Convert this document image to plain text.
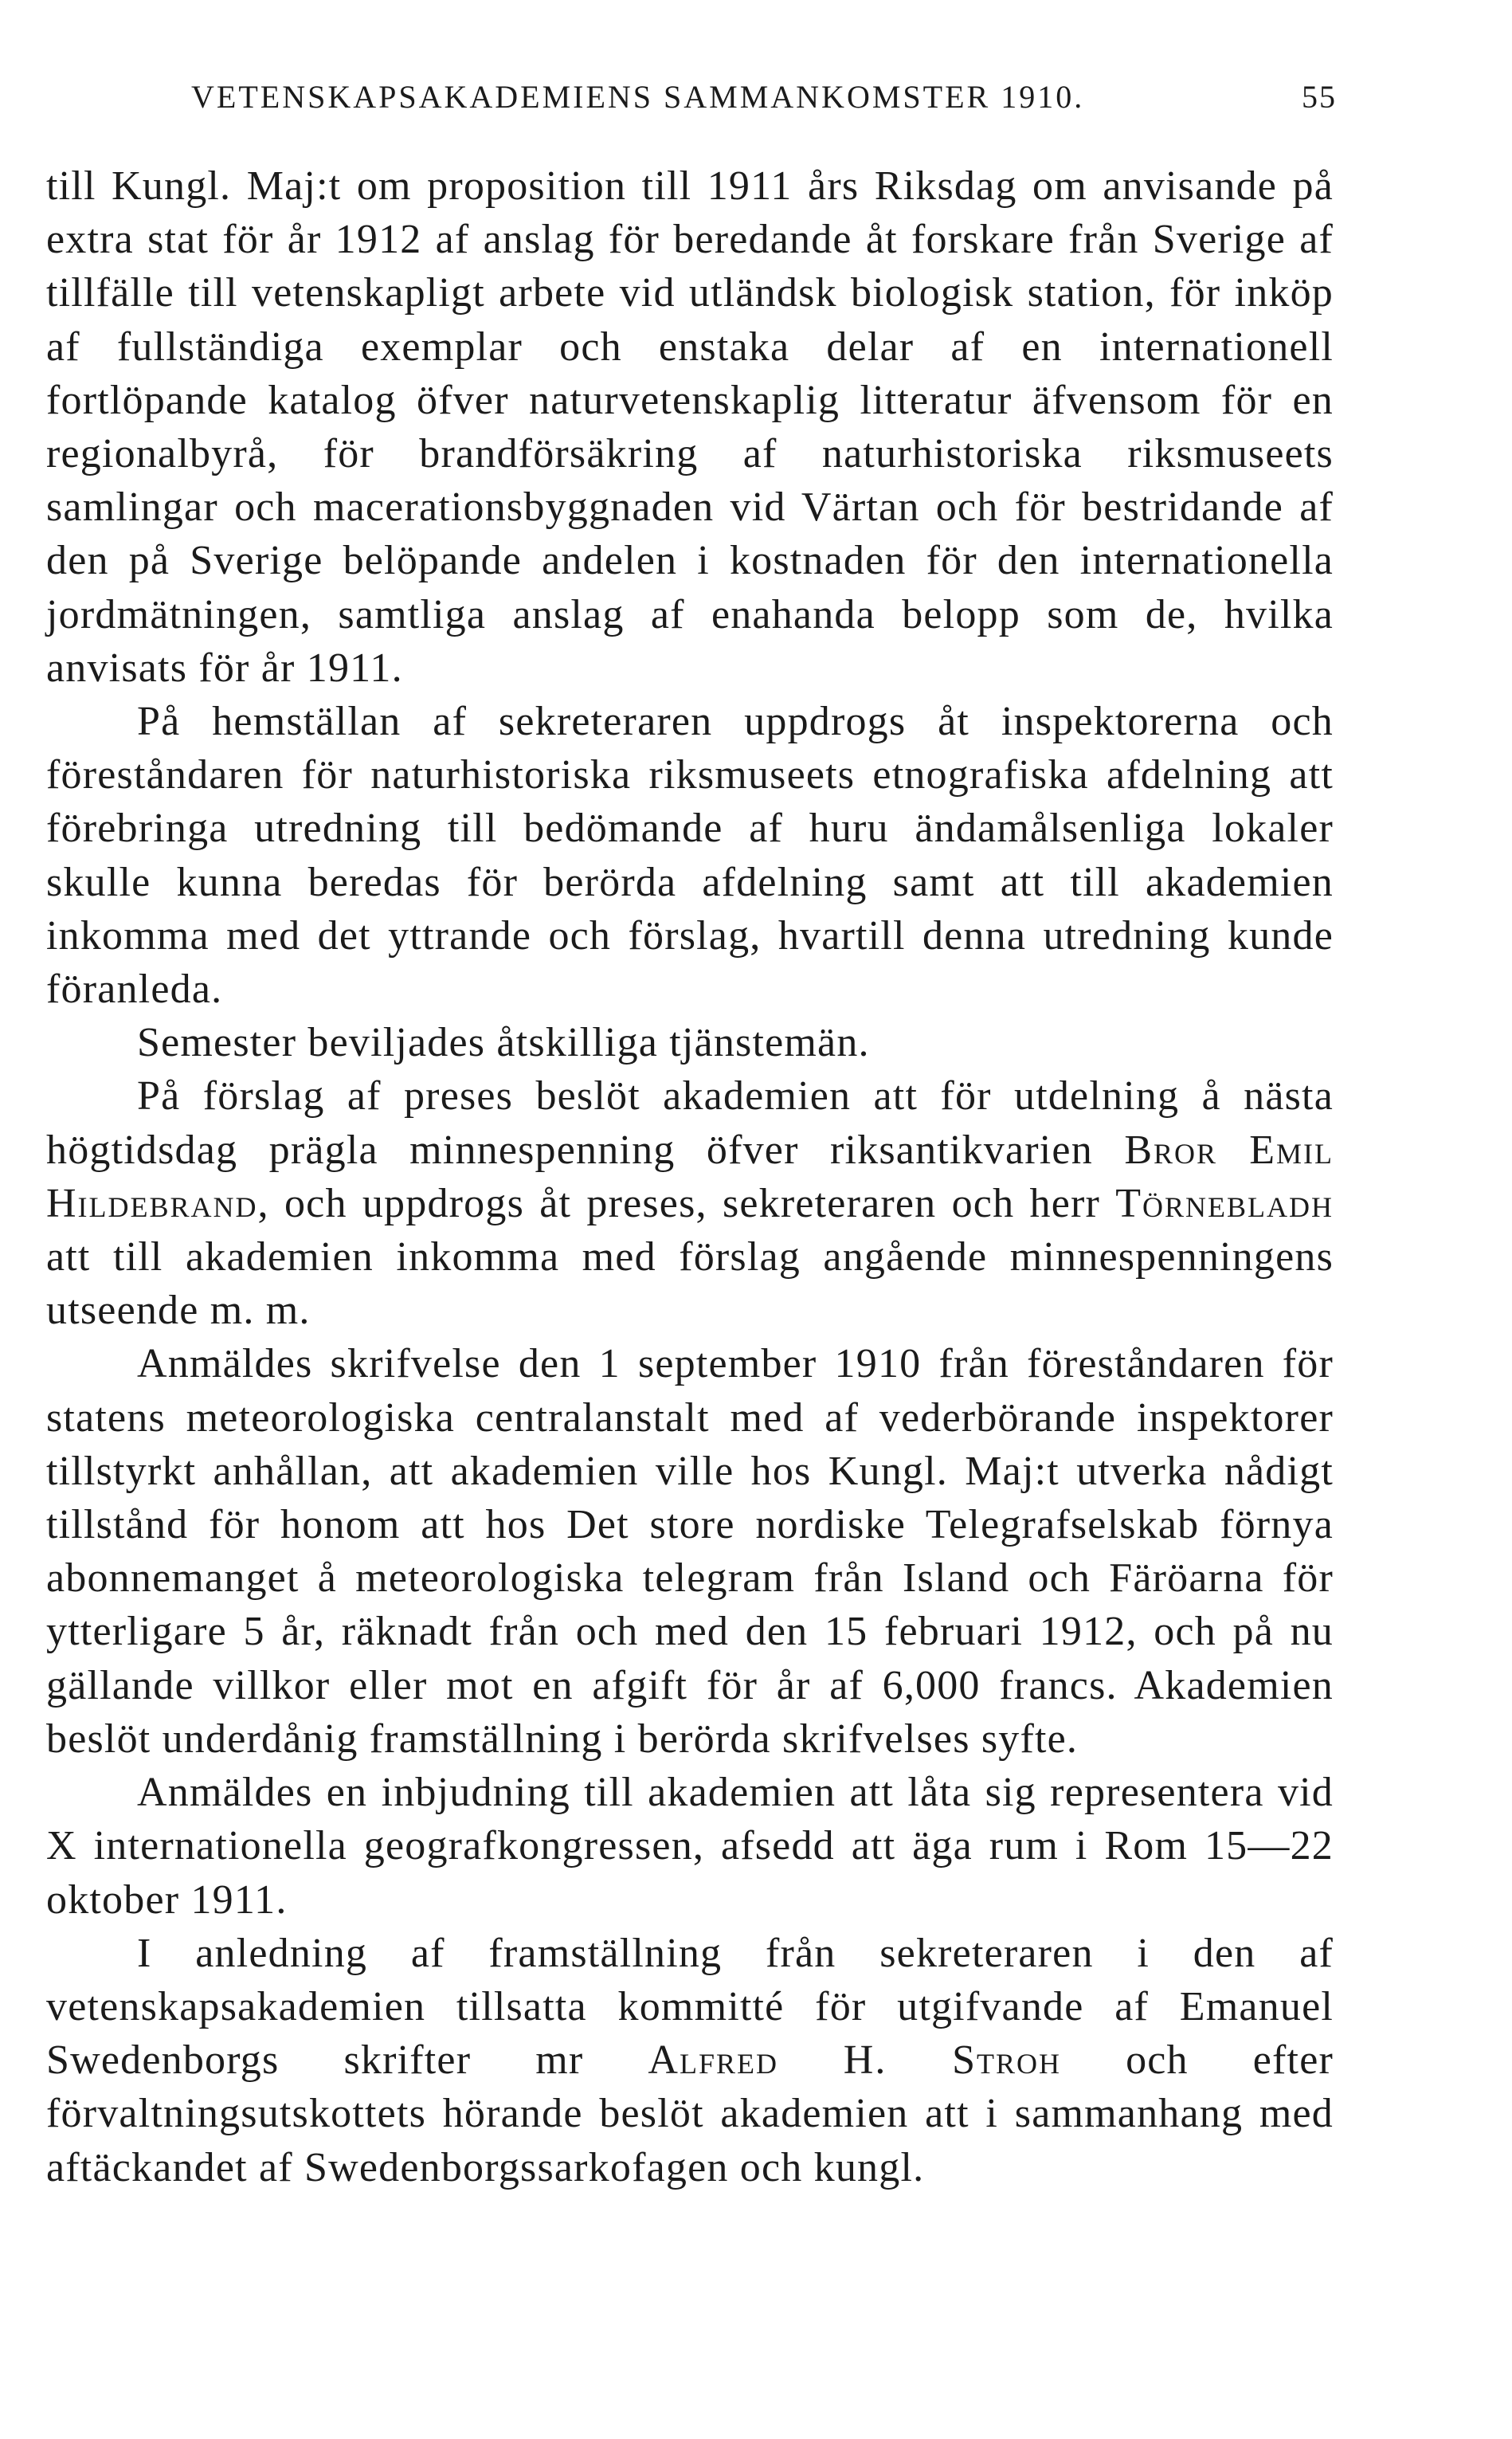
VETENSKAPSAKADEMIENS SAMMANKOMSTER 1910.	55

till Kungl. Maj:t om proposition till 1911 års Riksdag om anvisande på extra stat för år 1912 af anslag för beredande åt forskare från Sverige af tillfälle till vetenskapligt arbete vid utländsk biologisk station, för inköp af fullständiga exemplar och enstaka delar af en internationell fortlöpande katalog öfver naturvetenskaplig litteratur äfvensom för en regionalbyrå, för brandförsäkring af naturhistoriska riksmuseets samlingar och macerationsbyggnaden vid Värtan och för bestridande af den på Sverige belöpande andelen i kostnaden för den internationella jordmätningen, samtliga anslag af enahanda belopp som de, hvilka anvisats för år 1911.

På hemställan af sekreteraren uppdrogs åt inspektorerna och föreståndaren för naturhistoriska riksmuseets etnografiska afdelning att förebringa utredning till bedömande af huru ändamålsenliga lokaler skulle kunna beredas för berörda afdelning samt att till akademien inkomma med det yttrande och förslag, hvartill denna utredning kunde föranleda.

Semester beviljades åtskilliga tjänstemän.

På förslag af preses beslöt akademien att för utdelning å nästa högtidsdag prägla minnespenning öfver riksantikvarien Bror Emil Hildebrand, och uppdrogs åt preses, sekreteraren och herr Törnebladh att till akademien inkomma med förslag angående minnespenningens utseende m. m.

Anmäldes skrifvelse den 1 september 1910 från föreståndaren för statens meteorologiska centralanstalt med af vederbörande inspektorer tillstyrkt anhållan, att akademien ville hos Kungl. Maj:t utverka nådigt tillstånd för honom att hos Det store nordiske Telegrafselskab förnya abonnemanget å meteorologiska telegram från Island och Färöarna för ytterligare 5 år, räknadt från och med den 15 februari 1912, och på nu gällande villkor eller mot en afgift för år af 6,000 francs. Akademien beslöt underdånig framställning i berörda skrifvelses syfte.

Anmäldes en inbjudning till akademien att låta sig representera vid X internationella geografkongressen, afsedd att äga rum i Rom 15—22 oktober 1911.

I anledning af framställning från sekreteraren i den af vetenskapsakademien tillsatta kommitté för utgifvande af Emanuel Swedenborgs skrifter mr Alfred H. Stroh och efter förvaltningsutskottets hörande beslöt akademien att i sammanhang med aftäckandet af Swedenborgssarkofagen och kungl.
